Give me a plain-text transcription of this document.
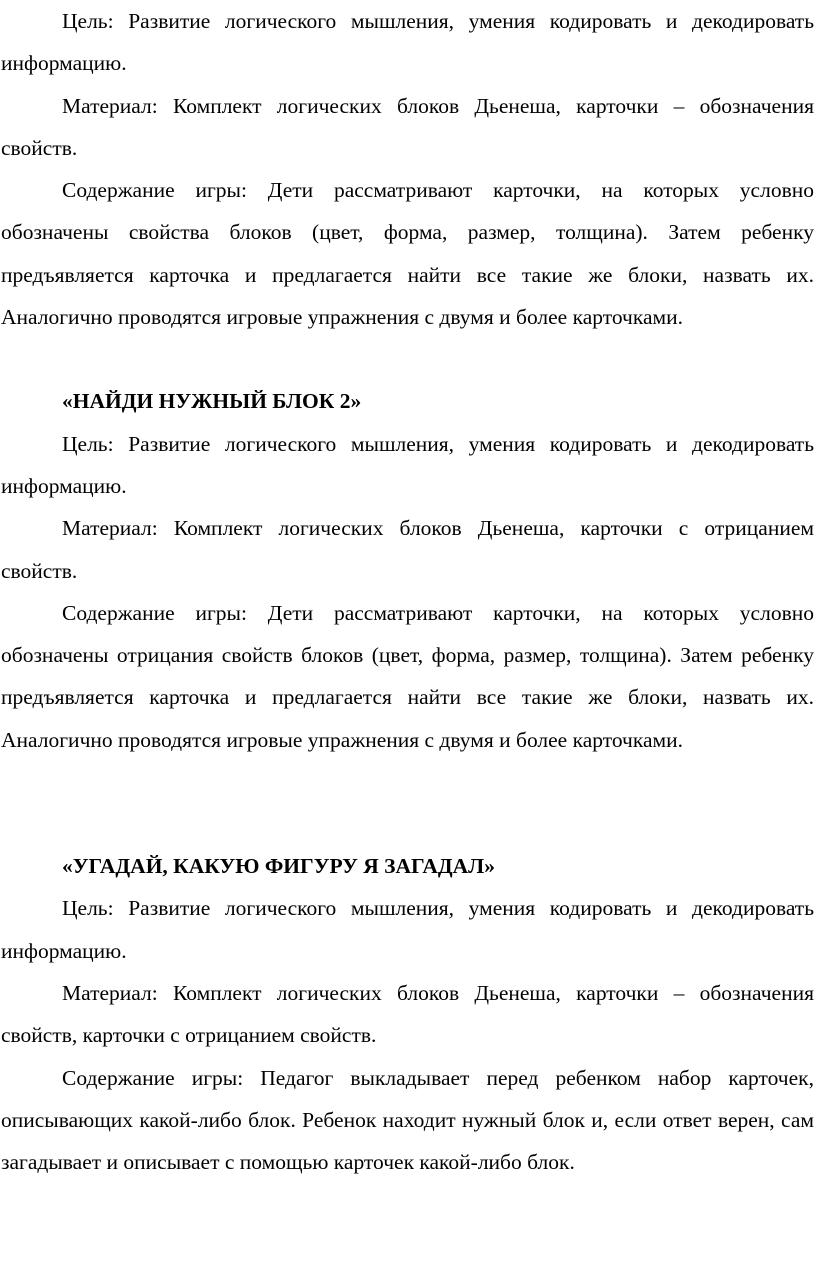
Цель: Развитие логического мышления, умения кодировать и декодировать информацию.

Материал: Комплект логических блоков Дьенеша, карточки – обозначения свойств.

Содержание игры: Дети рассматривают карточки, на которых условно обозначены свойства блоков (цвет, форма, размер, толщина). Затем ребенку предъявляется карточка и предлагается найти все такие же блоки, назвать их. Аналогично проводятся игровые упражнения с двумя и более карточками.

«НАЙДИ НУЖНЫЙ БЛОК 2»

Цель: Развитие логического мышления, умения кодировать и декодировать информацию.

Материал: Комплект логических блоков Дьенеша, карточки с отрицанием свойств.

Содержание игры: Дети рассматривают карточки, на которых условно обозначены отрицания свойств блоков (цвет, форма, размер, толщина). Затем ребенку предъявляется карточка и предлагается найти все такие же блоки, назвать их. Аналогично проводятся игровые упражнения с двумя и более карточками.

«УГАДАЙ, КАКУЮ ФИГУРУ Я ЗАГАДАЛ»

Цель: Развитие логического мышления, умения кодировать и декодировать информацию.

Материал: Комплект логических блоков Дьенеша, карточки – обозначения свойств, карточки с отрицанием свойств.

Содержание игры: Педагог выкладывает перед ребенком набор карточек, описывающих какой-либо блок. Ребенок находит нужный блок и, если ответ верен, сам загадывает и описывает с помощью карточек какой-либо блок.
